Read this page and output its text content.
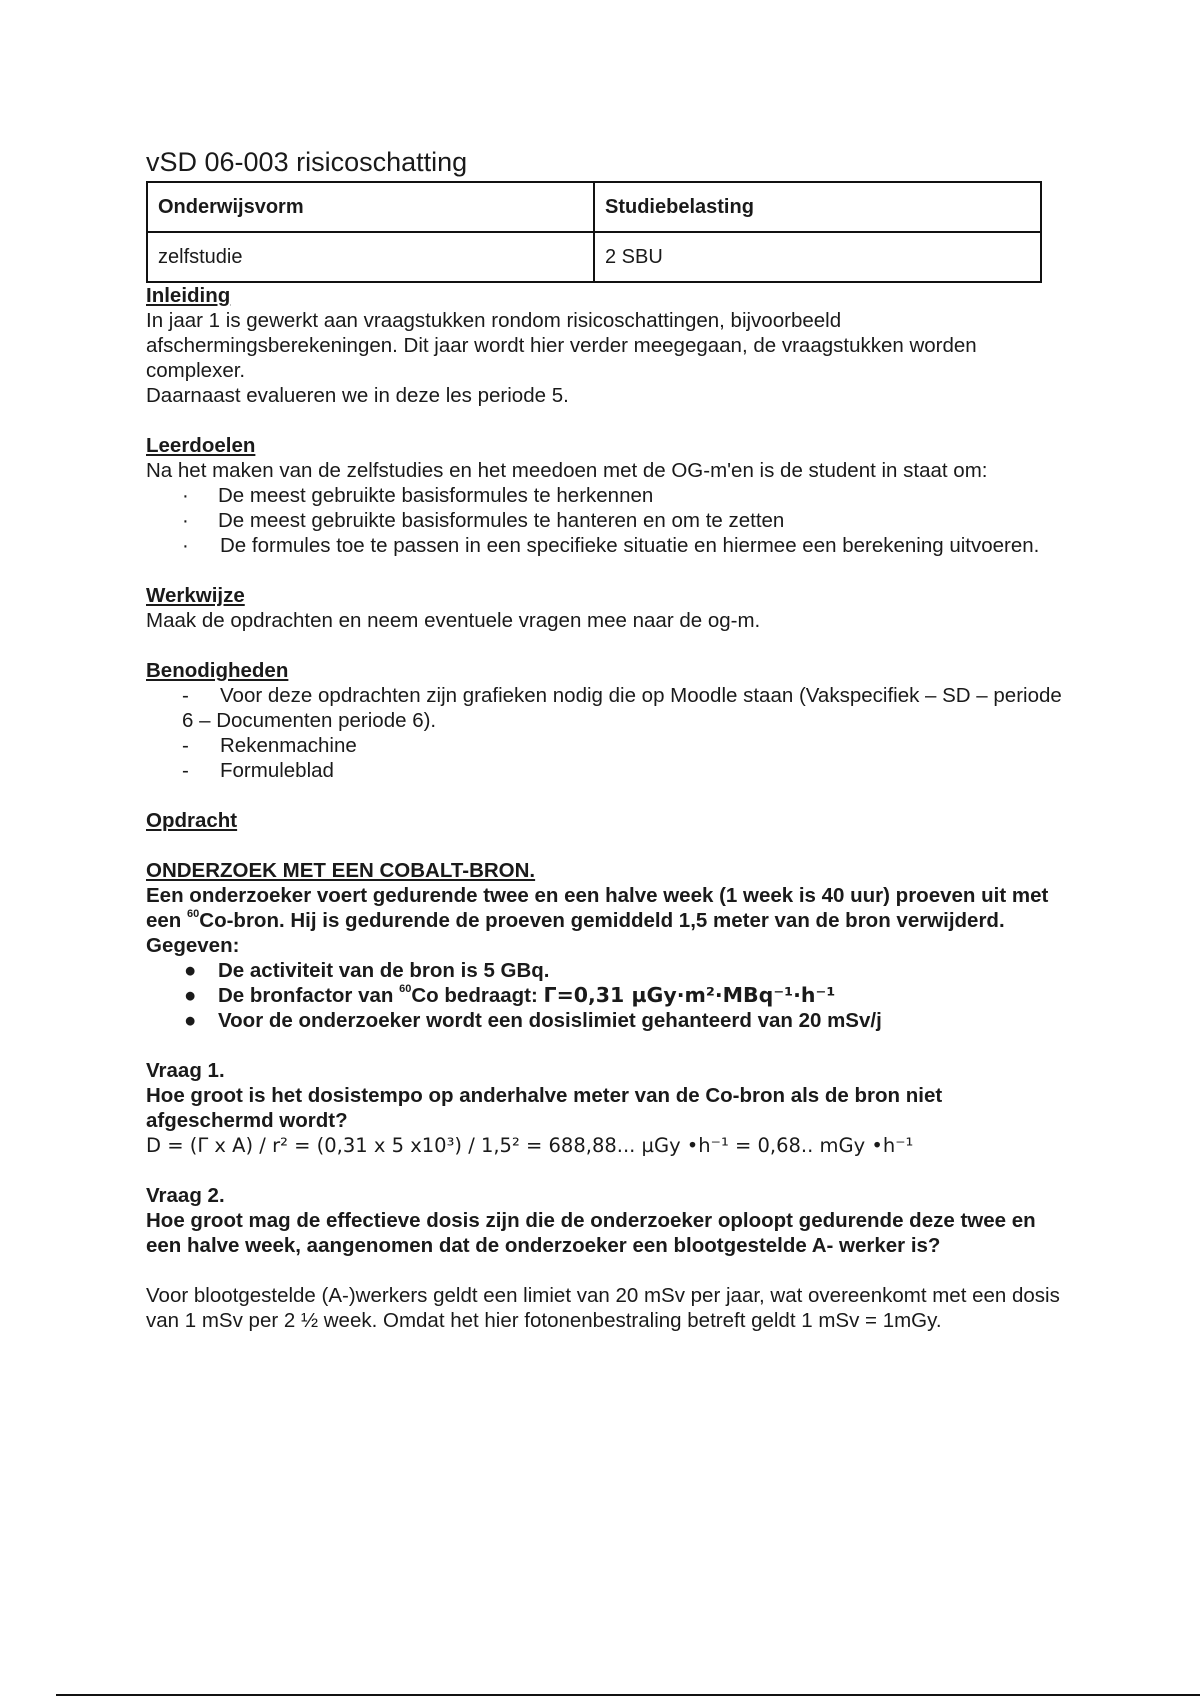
vSD 06-003 risicoschatting
Onderwijsvorm	Studiebelasting
zelfstudie	2 SBU

Inleiding

In jaar 1 is gewerkt aan vraagstukken rondom risicoschattingen, bijvoorbeeld afschermingsberekeningen. Dit jaar wordt hier verder meegegaan, de vraagstukken worden complexer.

Daarnaast evalueren we in deze les periode 5.

Leerdoelen

Na het maken van de zelfstudies en het meedoen met de OG-m'en is de student in staat om:

· De meest gebruikte basisformules te herkennen
· De meest gebruikte basisformules te hanteren en om te zetten
· De formules toe te passen in een specifieke situatie en hiermee een berekening uitvoeren.

Werkwijze

Maak de opdrachten en neem eventuele vragen mee naar de og-m.

Benodigheden

- Voor deze opdrachten zijn grafieken nodig die op Moodle staan (Vakspecifiek – SD – periode 6 – Documenten periode 6).
- Rekenmachine
- Formuleblad

Opdracht

ONDERZOEK MET EEN COBALT-BRON.

Een onderzoeker voert gedurende twee en een halve week (1 week is 40 uur) proeven uit met een $^{60}$Co-bron. Hij is gedurende de proeven gemiddeld 1,5 meter van de bron verwijderd.

Gegeven:

● De activiteit van de bron is 5 GBq.
● De bronfactor van $^{60}$Co bedraagt: Γ=0,31 µGy·m²·MBq⁻¹·h⁻¹
● Voor de onderzoeker wordt een dosislimiet gehanteerd van 20 mSv/j

Vraag 1.

Hoe groot is het dosistempo op anderhalve meter van de Co-bron als de bron niet afgeschermd wordt?

D = (Γ x A) / r² = (0,31 x 5 x10³) / 1,5² = 688,88... µGy •h⁻¹ = 0,68.. mGy •h⁻¹

Vraag 2.

Hoe groot mag de effectieve dosis zijn die de onderzoeker oploopt gedurende deze twee en een halve week, aangenomen dat de onderzoeker een blootgestelde A- werker is?

Voor blootgestelde (A-)werkers geldt een limiet van 20 mSv per jaar, wat overeenkomt met een dosis van 1 mSv per 2 ½ week. Omdat het hier fotonenbestraling betreft geldt 1 mSv = 1mGy.
